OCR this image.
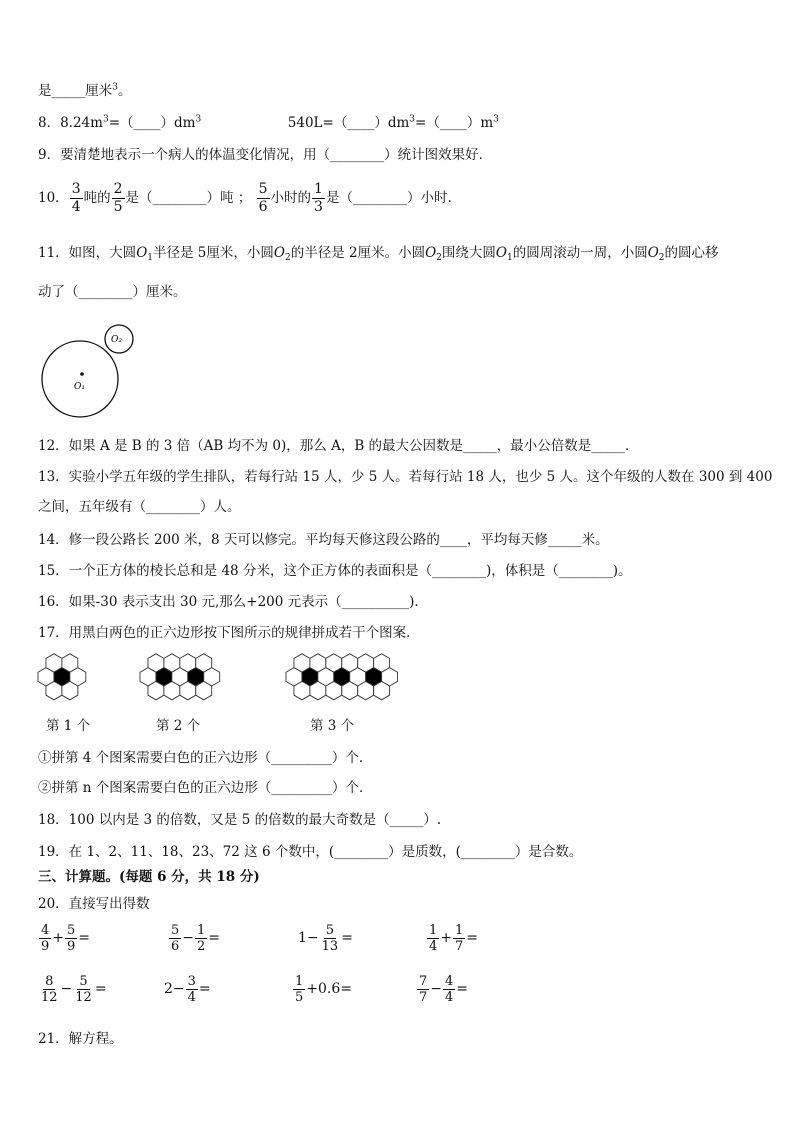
是_____厘米$^3$。
8．$8.24m^3=(\_\_\_\_)dm^3$	$540L=(\_\_\_\_)dm^3=(\_\_\_\_)m^3$
9．要清楚地表示一个病人的体温变化情况，用（________）统计图效果好．
10． $\frac{3}{4}$ 吨的 $\frac{2}{5}$ 是（________）吨 ； $\frac{5}{6}$ 小时的 $\frac{1}{3}$ 是（________）小时.
11．如图，大圆$O_1$半径是 5厘米，小圆$O_2$的半径是 2厘米。小圆$O_2$围绕大圆$O_1$的圆周滚动一周，小圆$O_2$的圆心移
动了（________）厘米。
O₁
O₂
12．如果 A 是 B 的 3 倍（AB 均不为 0)，那么 A，B 的最大公因数是_____，最小公倍数是_____．
13．实验小学五年级的学生排队，若每行站 15 人，少 5 人。若每行站 18 人，也少 5 人。这个年级的人数在 300 到 400
之间，五年级有（________）人。
14．修一段公路长 200 米，8 天可以修完。平均每天修这段公路的____，平均每天修_____米。
15．一个正方体的棱长总和是 48 分米，这个正方体的表面积是（________)，体积是（________)。
16．如果-30 表示支出 30 元,那么+200 元表示（__________)．
17．用黑白两色的正六边形按下图所示的规律拼成若干个图案．
第 1 个	第 2 个	第 3 个
①拼第 4 个图案需要白色的正六边形（_________）个．
②拼第 n 个图案需要白色的正六边形（_________）个．
18．100 以内是 3 的倍数，又是 5 的倍数的最大奇数是（_____）.
19．在 1、2、11、18、23、72 这 6 个数中，(________）是质数，(________）是合数。
三、计算题。(每题 6 分，共 18 分)
20．直接写出得数
$\frac{4}{9} + \frac{5}{9}$ =	$\frac{5}{6} - \frac{1}{2}$ =	$1- \frac{5}{13}$ =	$\frac{1}{4} + \frac{1}{7}$ =
$\frac{8}{12} - \frac{5}{12}$ =	$2- \frac{3}{4}$ =	$\frac{1}{5} +0.6=$	$\frac{7}{7} - \frac{4}{4}$ =
21．解方程。
